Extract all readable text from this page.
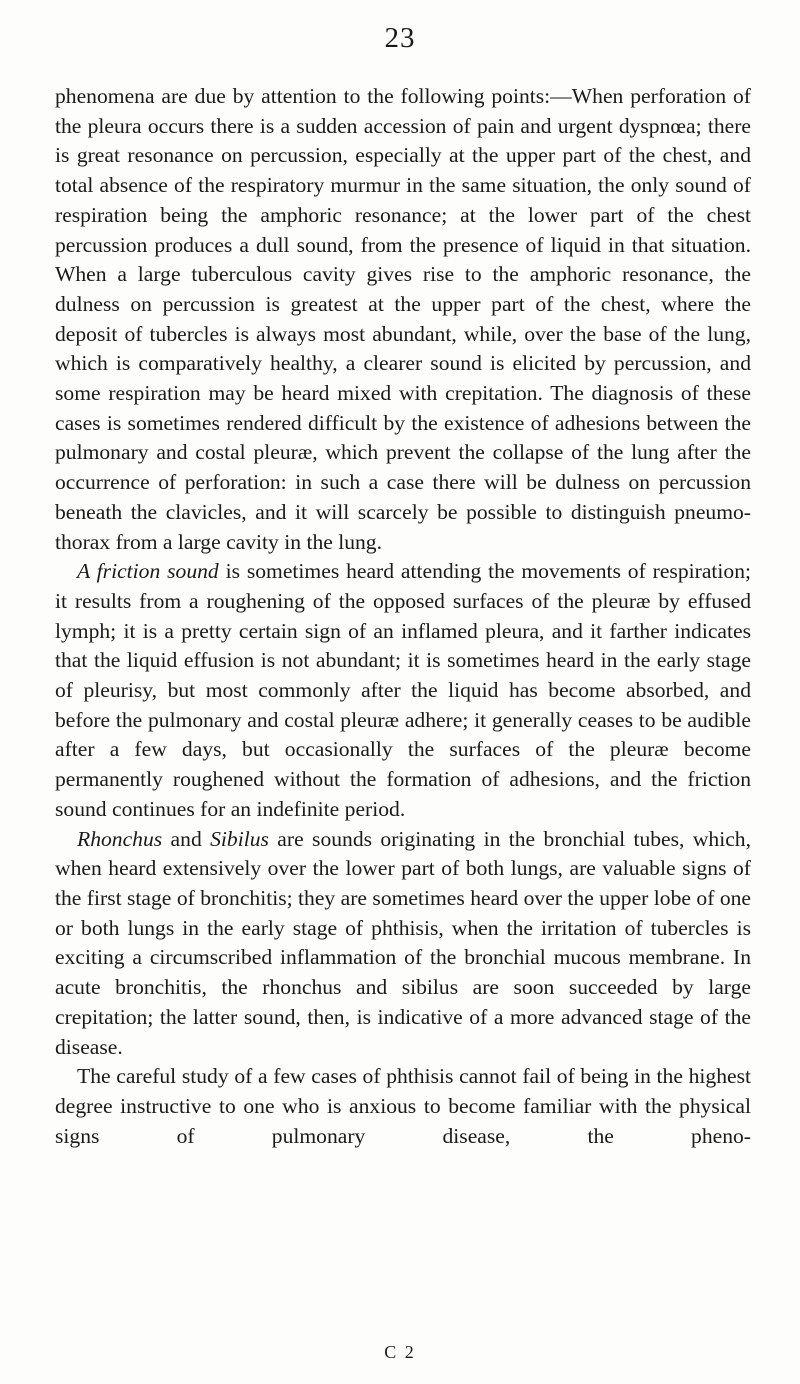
23

phenomena are due by attention to the following points:—When perforation of the pleura occurs there is a sudden accession of pain and urgent dyspnœa; there is great resonance on percussion, especially at the upper part of the chest, and total absence of the respiratory murmur in the same situation, the only sound of respiration being the amphoric resonance; at the lower part of the chest percussion produces a dull sound, from the presence of liquid in that situation. When a large tuberculous cavity gives rise to the amphoric resonance, the dulness on percussion is greatest at the upper part of the chest, where the deposit of tubercles is always most abundant, while, over the base of the lung, which is comparatively healthy, a clearer sound is elicited by percussion, and some respiration may be heard mixed with crepitation. The diagnosis of these cases is sometimes rendered difficult by the existence of adhesions between the pulmonary and costal pleuræ, which prevent the collapse of the lung after the occurrence of perforation: in such a case there will be dulness on percussion beneath the clavicles, and it will scarcely be possible to distinguish pneumothorax from a large cavity in the lung.

A friction sound is sometimes heard attending the movements of respiration; it results from a roughening of the opposed surfaces of the pleuræ by effused lymph; it is a pretty certain sign of an inflamed pleura, and it farther indicates that the liquid effusion is not abundant; it is sometimes heard in the early stage of pleurisy, but most commonly after the liquid has become absorbed, and before the pulmonary and costal pleuræ adhere; it generally ceases to be audible after a few days, but occasionally the surfaces of the pleuræ become permanently roughened without the formation of adhesions, and the friction sound continues for an indefinite period.

Rhonchus and Sibilus are sounds originating in the bronchial tubes, which, when heard extensively over the lower part of both lungs, are valuable signs of the first stage of bronchitis; they are sometimes heard over the upper lobe of one or both lungs in the early stage of phthisis, when the irritation of tubercles is exciting a circumscribed inflammation of the bronchial mucous membrane. In acute bronchitis, the rhonchus and sibilus are soon succeeded by large crepitation; the latter sound, then, is indicative of a more advanced stage of the disease.

The careful study of a few cases of phthisis cannot fail of being in the highest degree instructive to one who is anxious to become familiar with the physical signs of pulmonary disease, the pheno-

C 2
